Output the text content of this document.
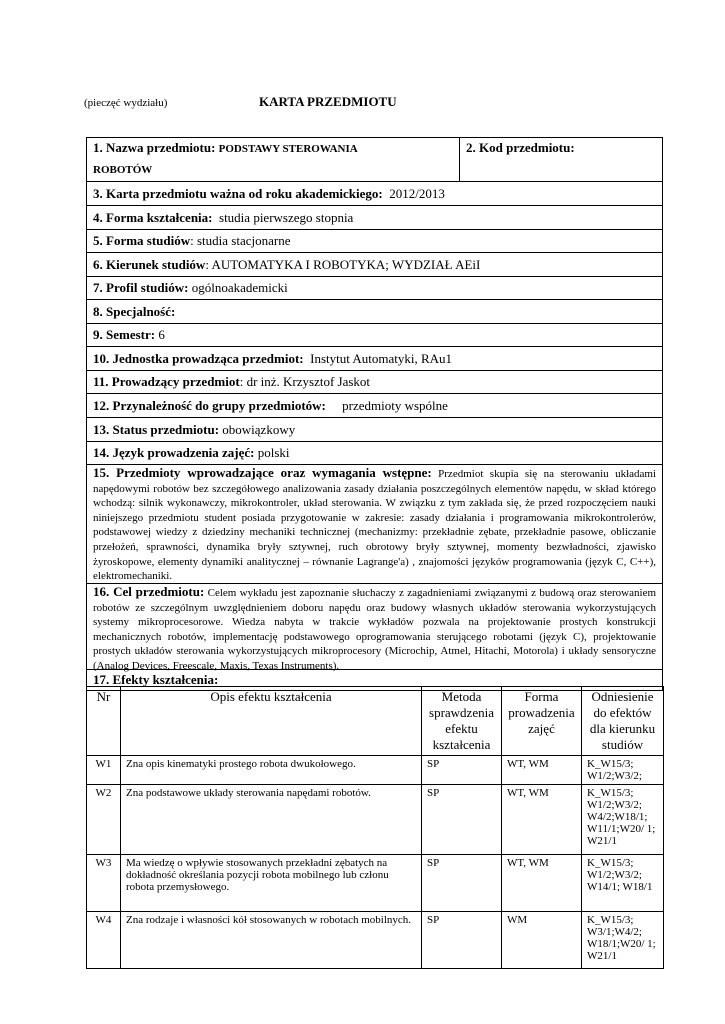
(pieczęć wydziału)	KARTA PRZEDMIOTU
1. Nazwa przedmiotu: PODSTAWY STEROWANIA
ROBOTÓW
2. Kod przedmiotu:
3. Karta przedmiotu ważna od roku akademickiego:
2012/2013
4. Forma kształcenia:
studia pierwszego stopnia
5. Forma studiów : studia stacjonarne
6. Kierunek studiów : AUTOMATYKA I ROBOTYKA; WYDZIAŁ AEiI
7. Profil studiów:
ogólnoakademicki
8. Specjalność:
9. Semestr:
6
10. Jednostka prowadząca przedmiot:
Instytut Automatyki, RAu1
11. Prowadzący przedmiot : dr inż. Krzysztof Jaskot
12. Przynależność do grupy przedmiotów:
przedmioty wspólne
13. Status przedmiotu:
obowiązkowy
14. Język prowadzenia zajęć:
polski
15. Przedmioty wprowadzające oraz wymagania wstępne: Przedmiot skupia się na sterowaniu układami napędowymi robotów bez szczegółowego analizowania zasady działania poszczególnych elementów napędu, w skład którego wchodzą: silnik wykonawczy, mikrokontroler, układ sterowania. W związku z tym zakłada się, że przed rozpoczęciem nauki niniejszego przedmiotu student posiada przygotowanie w zakresie: zasady działania i programowania mikrokontrolerów, podstawowej wiedzy z dziedziny mechaniki technicznej (mechanizmy: przekładnie zębate, przekładnie pasowe, obliczanie przełożeń, sprawności, dynamika bryły sztywnej, ruch obrotowy bryły sztywnej, momenty bezwładności, zjawisko żyroskopowe, elementy dynamiki analitycznej – równanie Lagrange'a) , znajomości języków programowania (język C, C++), elektromechaniki.
16. Cel przedmiotu: Celem wykładu jest zapoznanie słuchaczy z zagadnieniami związanymi z budową oraz sterowaniem robotów ze szczególnym uwzględnieniem doboru napędu oraz budowy własnych układów sterowania wykorzystujących systemy mikroprocesorowe. Wiedza nabyta w trakcie wykładów pozwala na projektowanie prostych konstrukcji mechanicznych robotów, implementację podstawowego oprogramowania sterującego robotami (język C), projektowanie prostych układów sterowania wykorzystujących mikroprocesory (Microchip, Atmel, Hitachi, Motorola) i układy sensoryczne (Analog Devices, Freescale, Maxis, Texas Instruments).
17. Efekty kształcenia:
Nr	Opis efektu kształcenia	Metoda sprawdzenia efektu kształcenia	Forma prowadzenia zajęć	Odniesienie do efektów dla kierunku studiów
W1	Zna opis kinematyki prostego robota dwukołowego.	SP	WT, WM	K_W15/3; W1/2;W3/2;
W2	Zna podstawowe układy sterowania napędami robotów.	SP	WT, WM	K_W15/3; W1/2;W3/2; W4/2;W18/1; W11/1;W20/ 1; W21/1
W3	Ma wiedzę o wpływie stosowanych przekładni zębatych na dokładność określania pozycji robota mobilnego lub członu robota przemysłowego.	SP	WT, WM	K_W15/3; W1/2;W3/2; W14/1; W18/1
W4	Zna rodzaje i własności kół stosowanych w robotach mobilnych.	SP	WM	K_W15/3; W3/1;W4/2; W18/1;W20/ 1; W21/1
